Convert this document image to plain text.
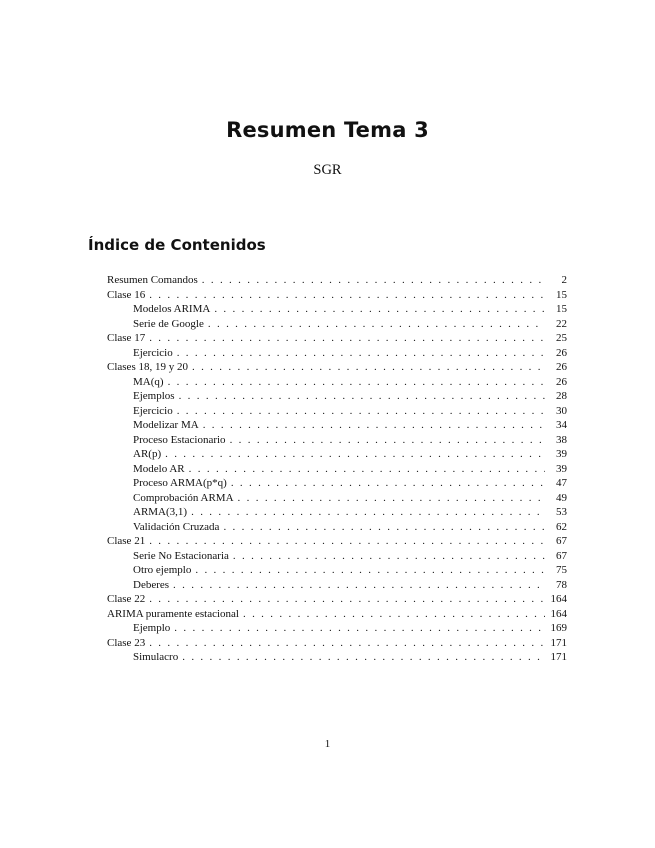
Resumen Tema 3
SGR
Índice de Contenidos
Resumen Comandos . . .	2
Clase 16 . . .	15
Modelos ARIMA . . .	15
Serie de Google . . .	22
Clase 17 . . .	25
Ejercicio . . .	26
Clases 18, 19 y 20 . . .	26
MA(q) . . .	26
Ejemplos . . .	28
Ejercicio . . .	30
Modelizar MA . . .	34
Proceso Estacionario . . .	38
AR(p) . . .	39
Modelo AR . . .	39
Proceso ARMA(p*q) . . .	47
Comprobación ARMA . . .	49
ARMA(3,1) . . .	53
Validación Cruzada . . .	62
Clase 21 . . .	67
Serie No Estacionaria . . .	67
Otro ejemplo . . .	75
Deberes . . .	78
Clase 22 . . .	164
ARIMA puramente estacional . . .	164
Ejemplo . . .	169
Clase 23 . . .	171
Simulacro . . .	171
1
